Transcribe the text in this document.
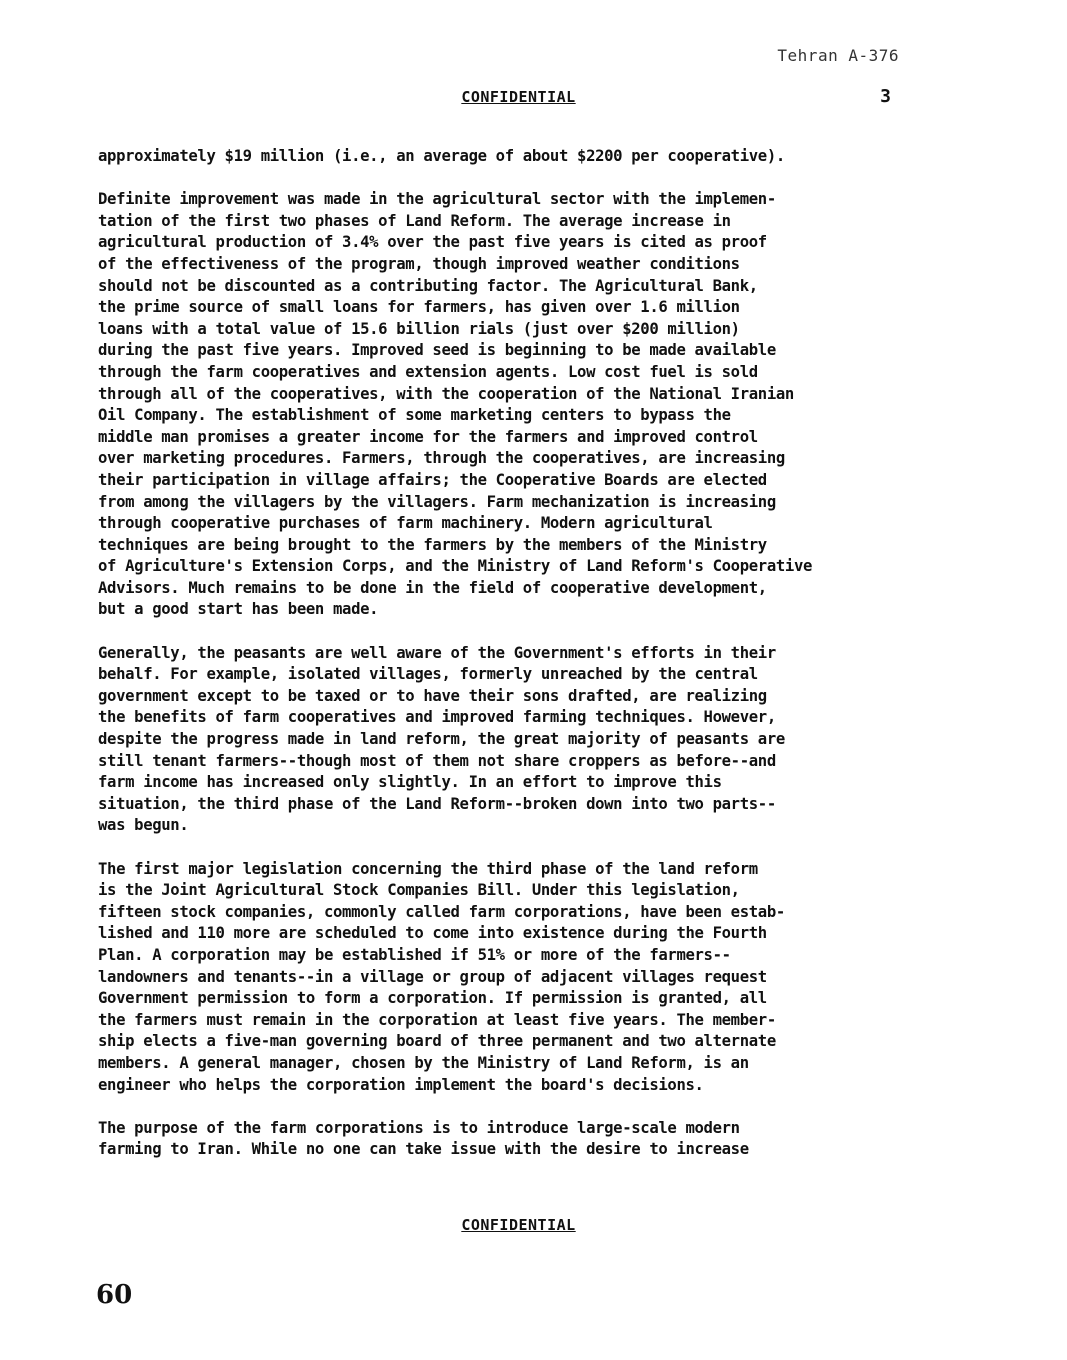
Tehran A-376
CONFIDENTIAL	3

approximately $19 million (i.e., an average of about $2200 per cooperative).

Definite improvement was made in the agricultural sector with the implemen-
tation of the first two phases of Land Reform. The average increase in
agricultural production of 3.4% over the past five years is cited as proof
of the effectiveness of the program, though improved weather conditions
should not be discounted as a contributing factor. The Agricultural Bank,
the prime source of small loans for farmers, has given over 1.6 million
loans with a total value of 15.6 billion rials (just over $200 million)
during the past five years. Improved seed is beginning to be made available
through the farm cooperatives and extension agents. Low cost fuel is sold
through all of the cooperatives, with the cooperation of the National Iranian
Oil Company. The establishment of some marketing centers to bypass the
middle man promises a greater income for the farmers and improved control
over marketing procedures. Farmers, through the cooperatives, are increasing
their participation in village affairs; the Cooperative Boards are elected
from among the villagers by the villagers. Farm mechanization is increasing
through cooperative purchases of farm machinery. Modern agricultural
techniques are being brought to the farmers by the members of the Ministry
of Agriculture's Extension Corps, and the Ministry of Land Reform's Cooperative
Advisors. Much remains to be done in the field of cooperative development,
but a good start has been made.

Generally, the peasants are well aware of the Government's efforts in their
behalf. For example, isolated villages, formerly unreached by the central
government except to be taxed or to have their sons drafted, are realizing
the benefits of farm cooperatives and improved farming techniques. However,
despite the progress made in land reform, the great majority of peasants are
still tenant farmers--though most of them not share croppers as before--and
farm income has increased only slightly. In an effort to improve this
situation, the third phase of the Land Reform--broken down into two parts--
was begun.

The first major legislation concerning the third phase of the land reform
is the Joint Agricultural Stock Companies Bill. Under this legislation,
fifteen stock companies, commonly called farm corporations, have been estab-
lished and 110 more are scheduled to come into existence during the Fourth
Plan. A corporation may be established if 51% or more of the farmers--
landowners and tenants--in a village or group of adjacent villages request
Government permission to form a corporation. If permission is granted, all
the farmers must remain in the corporation at least five years. The member-
ship elects a five-man governing board of three permanent and two alternate
members. A general manager, chosen by the Ministry of Land Reform, is an
engineer who helps the corporation implement the board's decisions.

The purpose of the farm corporations is to introduce large-scale modern
farming to Iran. While no one can take issue with the desire to increase

CONFIDENTIAL
60
